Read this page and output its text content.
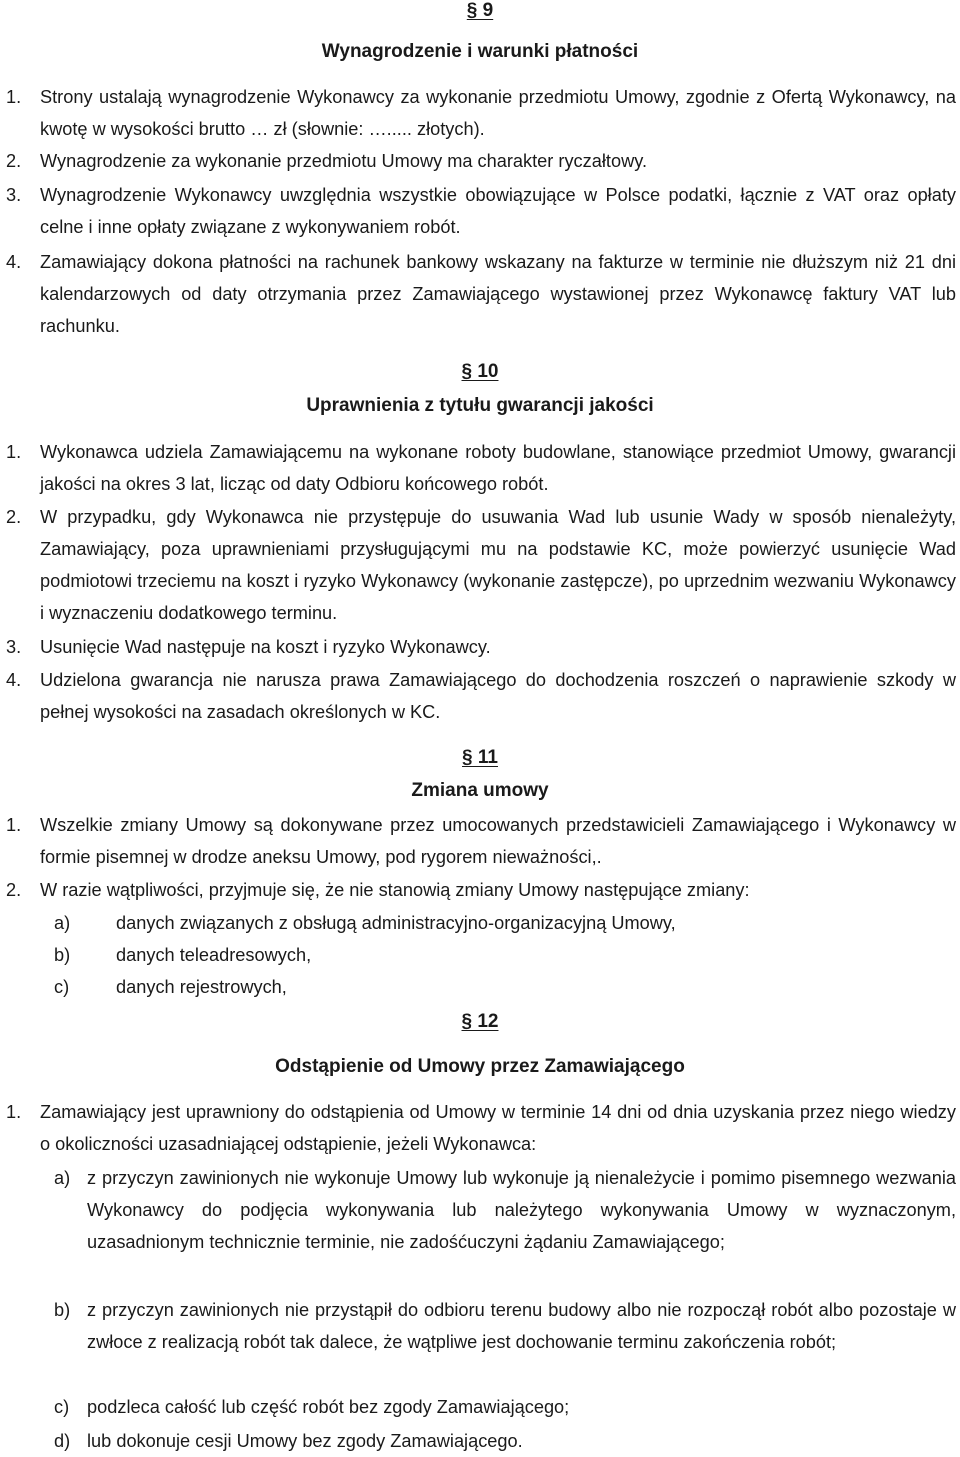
§ 9
Wynagrodzenie i warunki płatności
1. Strony ustalają wynagrodzenie Wykonawcy za wykonanie przedmiotu Umowy, zgodnie z Ofertą Wykonawcy, na kwotę w wysokości brutto … zł (słownie: …..... złotych).
2. Wynagrodzenie za wykonanie przedmiotu Umowy ma charakter ryczałtowy.
3. Wynagrodzenie Wykonawcy uwzględnia wszystkie obowiązujące w Polsce podatki, łącznie z VAT oraz opłaty celne i inne opłaty związane z wykonywaniem robót.
4. Zamawiający dokona płatności na rachunek bankowy wskazany na fakturze w terminie nie dłuższym niż 21 dni kalendarzowych od daty otrzymania przez Zamawiającego wystawionej przez Wykonawcę faktury VAT lub rachunku.
§ 10
Uprawnienia z tytułu gwarancji jakości
1. Wykonawca udziela Zamawiającemu na wykonane roboty budowlane, stanowiące przedmiot Umowy, gwarancji jakości na okres 3 lat, licząc od daty Odbioru końcowego robót.
2. W przypadku, gdy Wykonawca nie przystępuje do usuwania Wad lub usunie Wady w sposób nienależyty, Zamawiający, poza uprawnieniami przysługującymi mu na podstawie KC, może powierzyć usunięcie Wad podmiotowi trzeciemu na koszt i ryzyko Wykonawcy (wykonanie zastępcze), po uprzednim wezwaniu Wykonawcy i wyznaczeniu dodatkowego terminu.
3. Usunięcie Wad następuje na koszt i ryzyko Wykonawcy.
4. Udzielona gwarancja nie narusza prawa Zamawiającego do dochodzenia roszczeń o naprawienie szkody w pełnej wysokości na zasadach określonych w KC.
§ 11
Zmiana umowy
1. Wszelkie zmiany Umowy są dokonywane przez umocowanych przedstawicieli Zamawiającego i Wykonawcy w formie pisemnej w drodze aneksu Umowy, pod rygorem nieważności,.
2. W razie wątpliwości, przyjmuje się, że nie stanowią zmiany Umowy następujące zmiany:
a)	danych związanych z obsługą administracyjno-organizacyjną Umowy,
b)	danych teleadresowych,
c)	danych rejestrowych,
§ 12
Odstąpienie od Umowy przez Zamawiającego
1. Zamawiający jest uprawniony do odstąpienia od Umowy w terminie 14 dni od dnia uzyskania przez niego wiedzy o okoliczności uzasadniającej odstąpienie, jeżeli Wykonawca:
a) z przyczyn zawinionych nie wykonuje Umowy lub wykonuje ją nienależycie i pomimo pisemnego wezwania Wykonawcy do podjęcia wykonywania lub należytego wykonywania Umowy w wyznaczonym, uzasadnionym technicznie terminie, nie zadośćuczyni żądaniu Zamawiającego;
b) z przyczyn zawinionych nie przystąpił do odbioru terenu budowy albo nie rozpoczął robót albo pozostaje w zwłoce z realizacją robót tak dalece, że wątpliwe jest dochowanie terminu zakończenia robót;
c) podzleca całość lub część robót bez zgody Zamawiającego;
d) lub dokonuje cesji Umowy bez zgody Zamawiającego.
